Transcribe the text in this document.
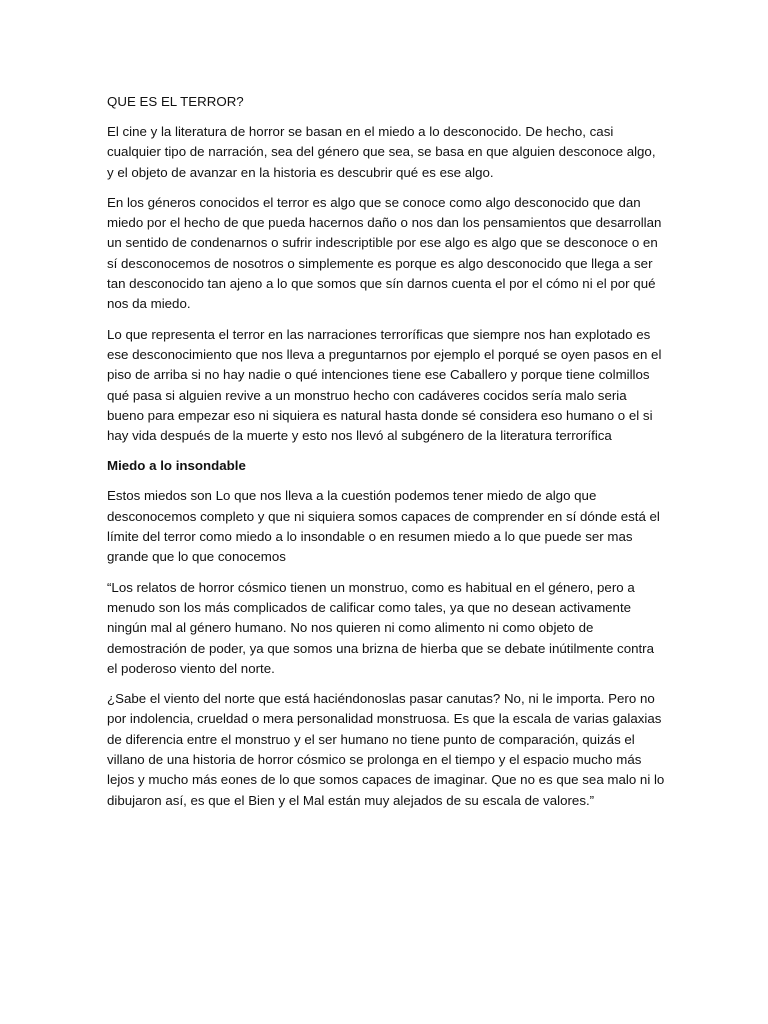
QUE ES EL TERROR?

El cine y la literatura de horror se basan en el miedo a lo desconocido. De hecho, casi cualquier tipo de narración, sea del género que sea, se basa en que alguien desconoce algo, y el objeto de avanzar en la historia es descubrir qué es ese algo.

En los géneros conocidos el terror es algo que se conoce como algo desconocido que dan miedo por el hecho de que pueda hacernos daño o nos dan los pensamientos que desarrollan un sentido de condenarnos o sufrir indescriptible por ese algo es algo que se desconoce o en sí desconocemos de nosotros o simplemente es porque es algo desconocido que llega a ser tan desconocido tan ajeno a lo que somos que sín darnos cuenta el por el cómo ni el por qué nos da miedo.

Lo que representa el terror en las narraciones terroríficas que siempre nos han explotado es ese desconocimiento que nos lleva a preguntarnos por ejemplo el porqué se oyen pasos en el piso de arriba si no hay nadie o qué intenciones tiene ese Caballero y porque tiene colmillos qué pasa si alguien revive a un monstruo hecho con cadáveres cocidos sería malo seria bueno para empezar eso ni siquiera es natural hasta donde sé considera eso humano o el si hay vida después de la muerte y esto nos llevó al subgénero de la literatura terrorífica

Miedo a lo insondable

Estos miedos son Lo que nos lleva a la cuestión podemos tener miedo de algo que desconocemos completo y que ni siquiera somos capaces de comprender en sí dónde está el límite del terror como miedo a lo insondable o en resumen miedo a lo que puede ser mas grande que lo que conocemos

“Los relatos de horror cósmico tienen un monstruo, como es habitual en el género, pero a menudo son los más complicados de calificar como tales, ya que no desean activamente ningún mal al género humano. No nos quieren ni como alimento ni como objeto de demostración de poder, ya que somos una brizna de hierba que se debate inútilmente contra el poderoso viento del norte.

¿Sabe el viento del norte que está haciéndonoslas pasar canutas? No, ni le importa. Pero no por indolencia, crueldad o mera personalidad monstruosa. Es que la escala de varias galaxias de diferencia entre el monstruo y el ser humano no tiene punto de comparación, quizás el villano de una historia de horror cósmico se prolonga en el tiempo y el espacio mucho más lejos y mucho más eones de lo que somos capaces de imaginar. Que no es que sea malo ni lo dibujaron así, es que el Bien y el Mal están muy alejados de su escala de valores.”
